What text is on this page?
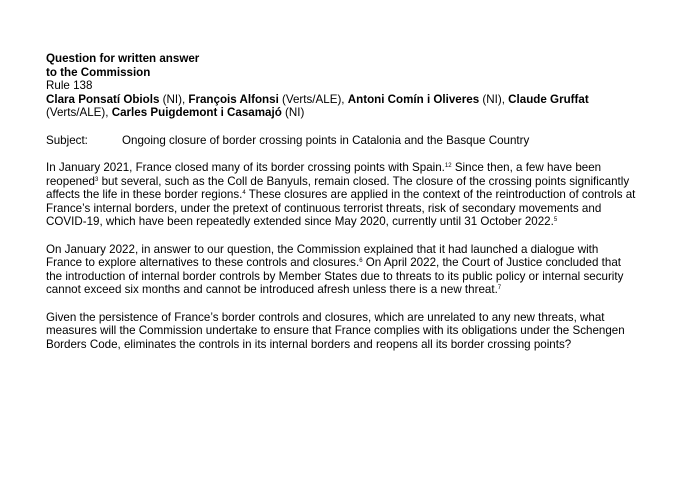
Question for written answer

to the Commission

Rule 138

Clara Ponsatí Obiols (NI), François Alfonsi (Verts/ALE), Antoni Comín i Oliveres (NI), Claude Gruffat (Verts/ALE), Carles Puigdemont i Casamajó (NI)

Subject:	Ongoing closure of border crossing points in Catalonia and the Basque Country

In January 2021, France closed many of its border crossing points with Spain.$^{12}$ Since then, a few have been reopened$^3$ but several, such as the Coll de Banyuls, remain closed. The closure of the crossing points significantly affects the life in these border regions.$^4$ These closures are applied in the context of the reintroduction of controls at France’s internal borders, under the pretext of continuous terrorist threats, risk of secondary movements and COVID-19, which have been repeatedly extended since May 2020, currently until 31 October 2022.$^5$

On January 2022, in answer to our question, the Commission explained that it had launched a dialogue with France to explore alternatives to these controls and closures.$^6$ On April 2022, the Court of Justice concluded that the introduction of internal border controls by Member States due to threats to its public policy or internal security cannot exceed six months and cannot be introduced afresh unless there is a new threat.$^7$

Given the persistence of France’s border controls and closures, which are unrelated to any new threats, what measures will the Commission undertake to ensure that France complies with its obligations under the Schengen Borders Code, eliminates the controls in its internal borders and reopens all its border crossing points?
